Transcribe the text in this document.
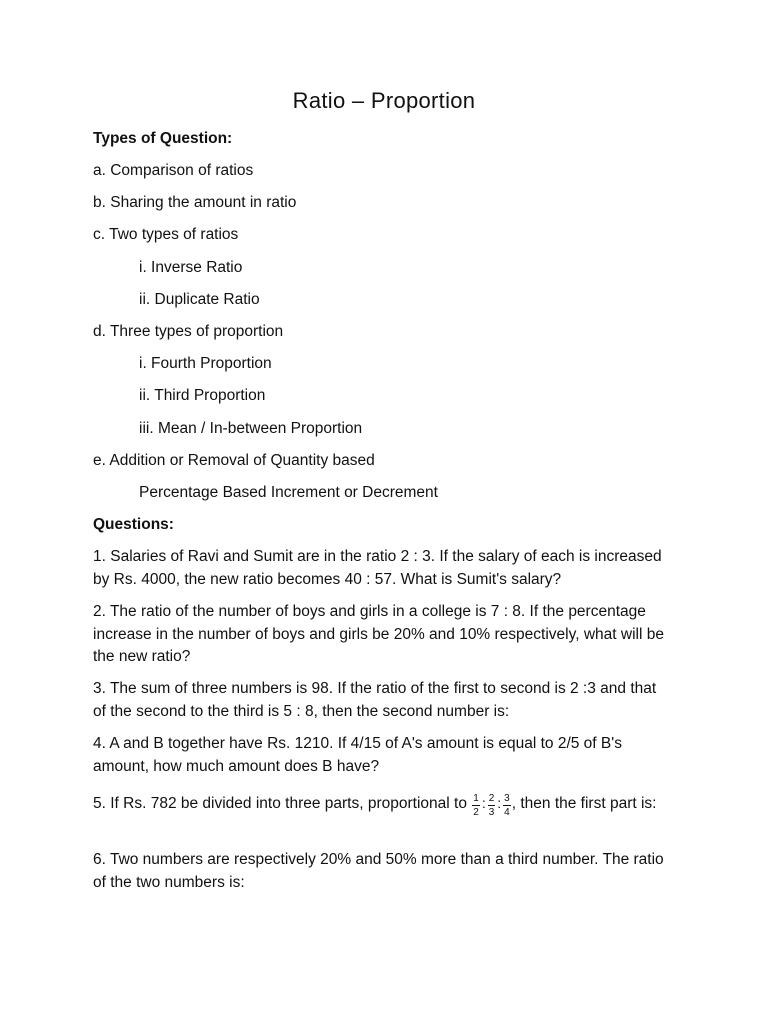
Ratio – Proportion
Types of Question:
a. Comparison of ratios
b. Sharing the amount in ratio
c. Two types of ratios
i. Inverse Ratio
ii. Duplicate Ratio
d. Three types of proportion
i. Fourth Proportion
ii. Third Proportion
iii. Mean / In-between Proportion
e. Addition or Removal of Quantity based
Percentage Based Increment or Decrement
Questions:
1. Salaries of Ravi and Sumit are in the ratio 2 : 3. If the salary of each is increased by Rs. 4000, the new ratio becomes 40 : 57. What is Sumit's salary?
2. The ratio of the number of boys and girls in a college is 7 : 8. If the percentage increase in the number of boys and girls be 20% and 10% respectively, what will be the new ratio?
3. The sum of three numbers is 98. If the ratio of the first to second is 2 :3 and that of the second to the third is 5 : 8, then the second number is:
4. A and B together have Rs. 1210. If 4/15 of A's amount is equal to 2/5 of B's amount, how much amount does B have?
5. If Rs. 782 be divided into three parts, proportional to $\frac{1}{2}$ : $\frac{2}{3}$ : $\frac{3}{4}$ , then the first part is:
6. Two numbers are respectively 20% and 50% more than a third number. The ratio of the two numbers is:
